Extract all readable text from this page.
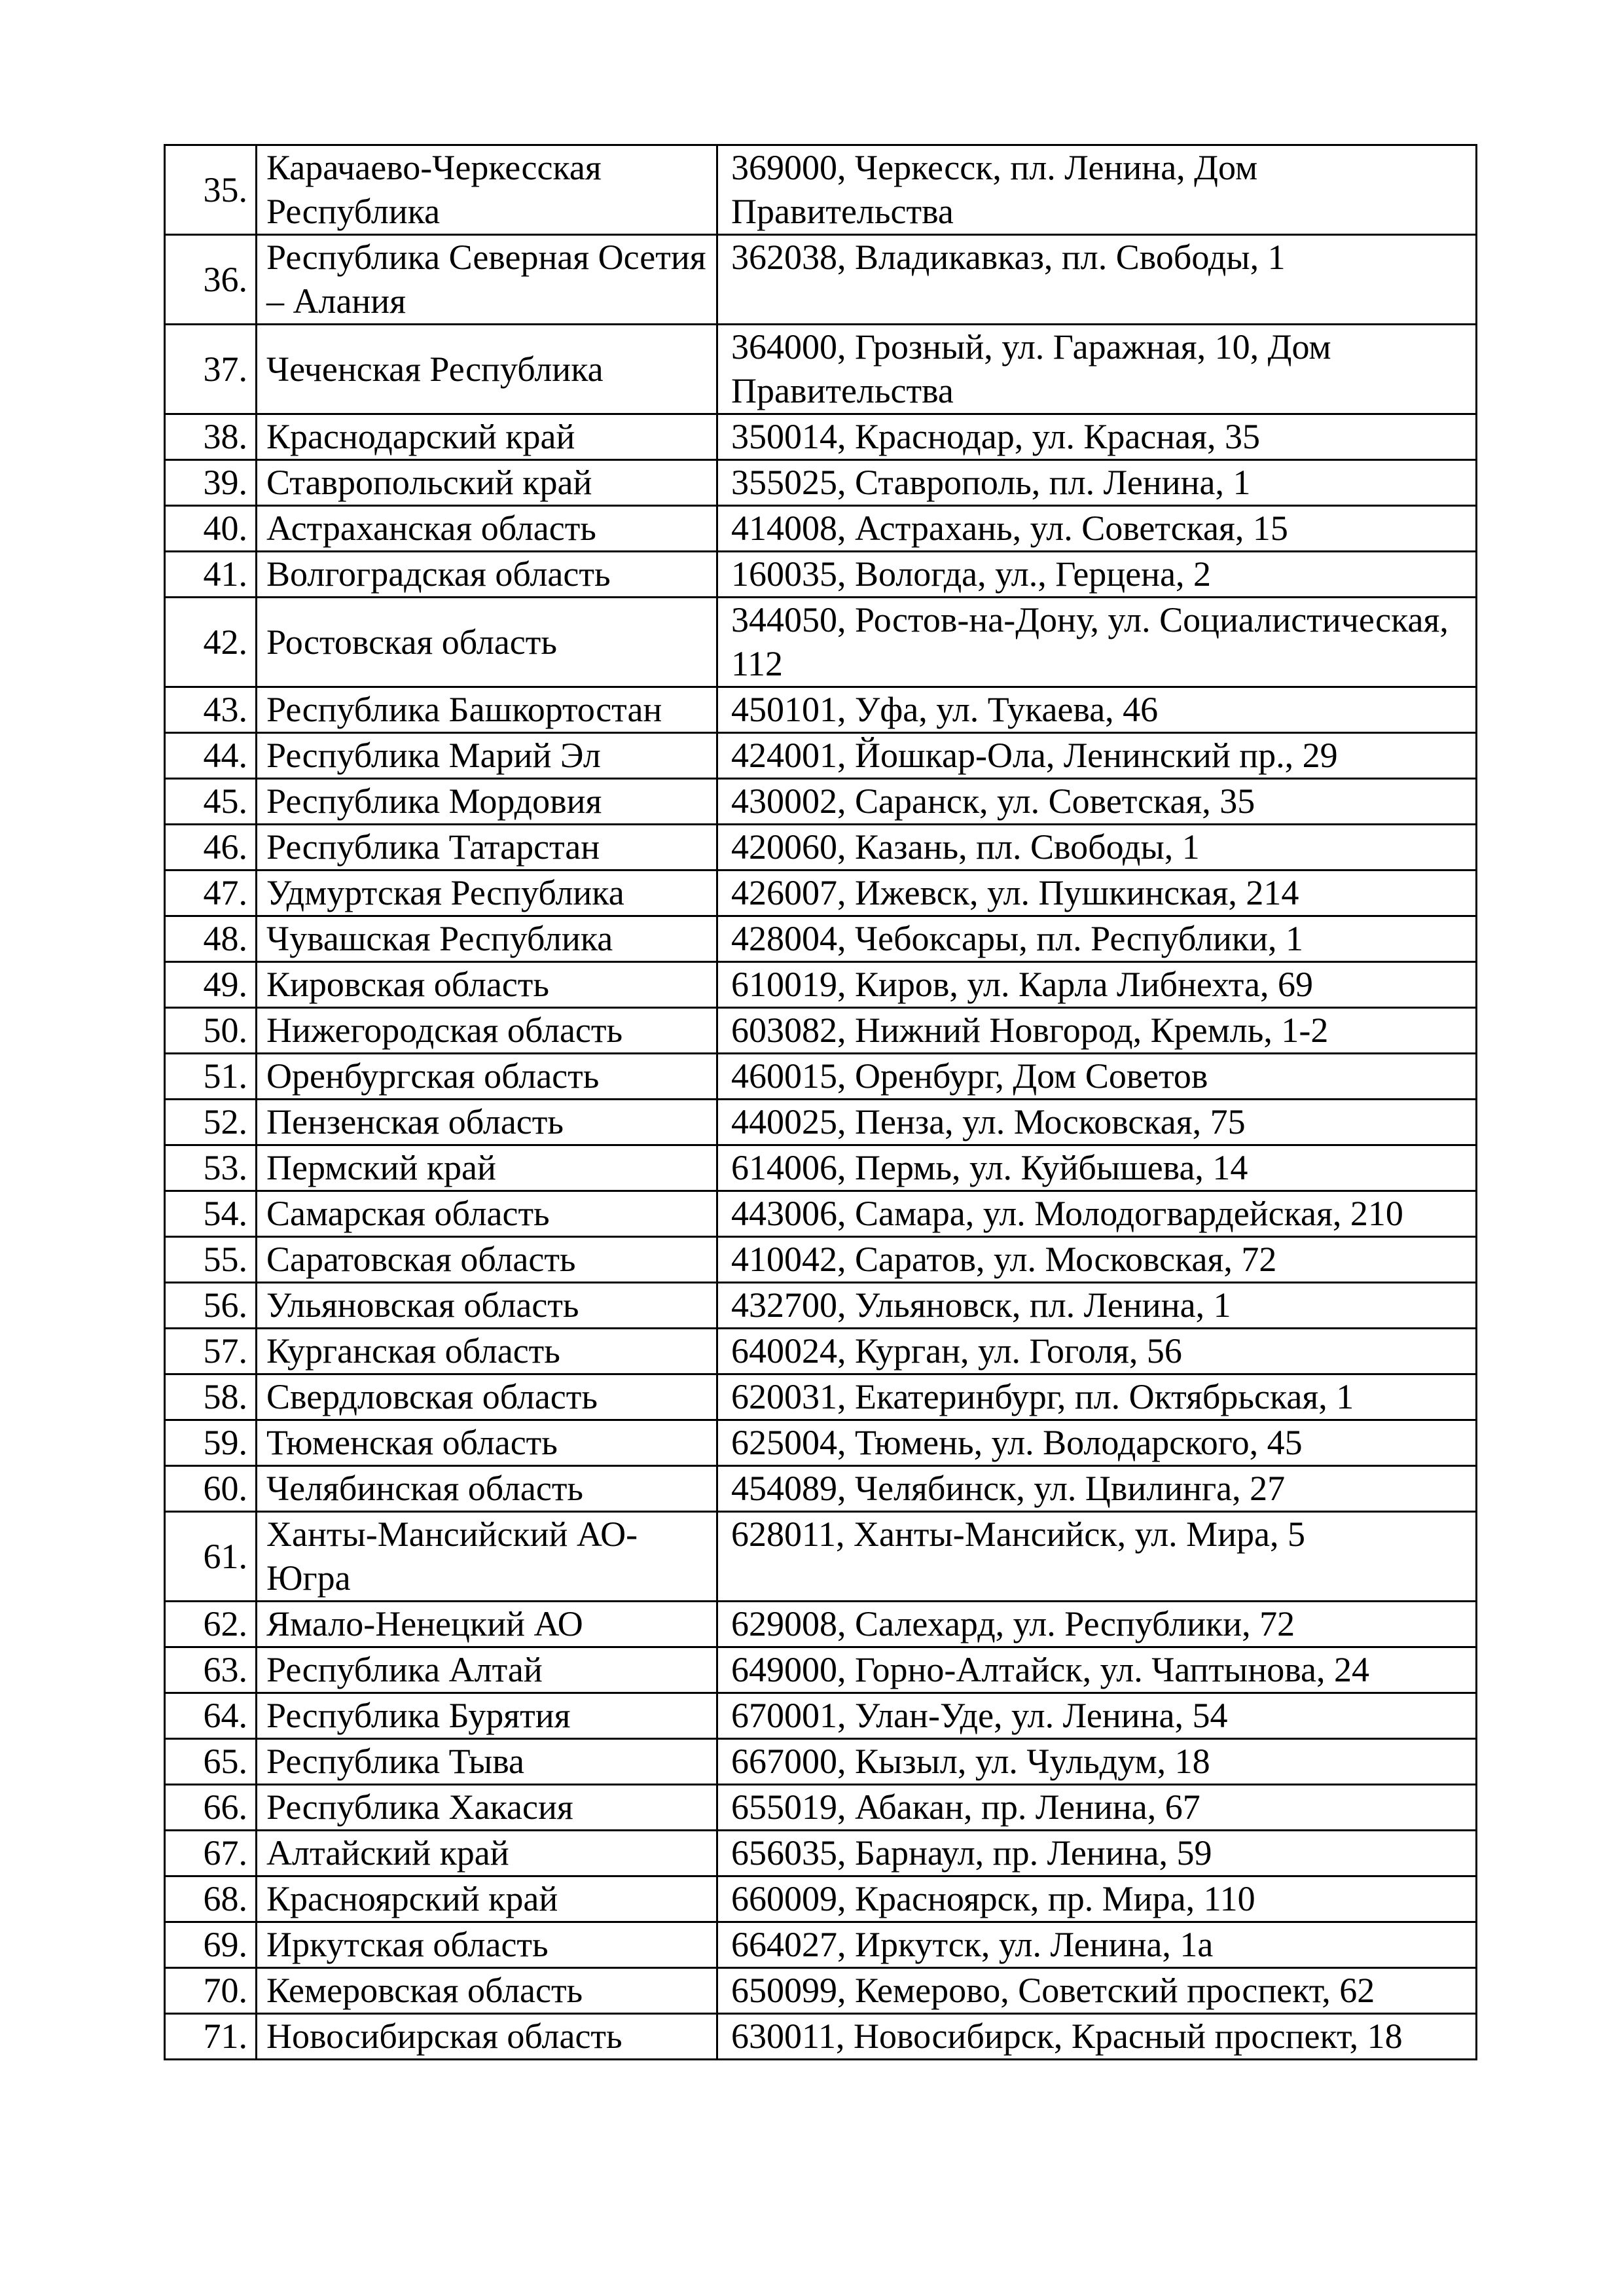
35.	Карачаево-Черкесская Республика	369000, Черкесск, пл. Ленина, Дом Правительства
36.	Республика Северная Осетия – Алания	362038, Владикавказ, пл. Свободы, 1
37.	Чеченская Республика	364000, Грозный, ул. Гаражная, 10, Дом Правительства
38.	Краснодарский край	350014, Краснодар, ул. Красная, 35
39.	Ставропольский край	355025, Ставрополь, пл. Ленина, 1
40.	Астраханская область	414008, Астрахань, ул. Советская, 15
41.	Волгоградская область	160035, Вологда, ул., Герцена, 2
42.	Ростовская область	344050, Ростов-на-Дону, ул. Социалистическая, 112
43.	Республика Башкортостан	450101, Уфа, ул. Тукаева, 46
44.	Республика Марий Эл	424001, Йошкар-Ола, Ленинский пр., 29
45.	Республика Мордовия	430002, Саранск, ул. Советская, 35
46.	Республика Татарстан	420060, Казань, пл. Свободы, 1
47.	Удмуртская Республика	426007, Ижевск, ул. Пушкинская, 214
48.	Чувашская Республика	428004, Чебоксары, пл. Республики, 1
49.	Кировская область	610019, Киров, ул. Карла Либнехта, 69
50.	Нижегородская область	603082, Нижний Новгород, Кремль, 1-2
51.	Оренбургская область	460015, Оренбург, Дом Советов
52.	Пензенская область	440025, Пенза, ул. Московская, 75
53.	Пермский край	614006, Пермь, ул. Куйбышева, 14
54.	Самарская область	443006, Самара, ул. Молодогвардейская, 210
55.	Саратовская область	410042, Саратов, ул. Московская, 72
56.	Ульяновская область	432700, Ульяновск, пл. Ленина, 1
57.	Курганская область	640024, Курган, ул. Гоголя, 56
58.	Свердловская область	620031, Екатеринбург, пл. Октябрьская, 1
59.	Тюменская область	625004, Тюмень, ул. Володарского, 45
60.	Челябинская область	454089, Челябинск, ул. Цвилинга, 27
61.	Ханты-Мансийский АО-Югра	628011, Ханты-Мансийск, ул. Мира, 5
62.	Ямало-Ненецкий АО	629008, Салехард, ул. Республики, 72
63.	Республика Алтай	649000, Горно-Алтайск, ул. Чаптынова, 24
64.	Республика Бурятия	670001, Улан-Уде, ул. Ленина, 54
65.	Республика Тыва	667000, Кызыл, ул. Чульдум, 18
66.	Республика Хакасия	655019, Абакан, пр. Ленина, 67
67.	Алтайский край	656035, Барнаул, пр. Ленина, 59
68.	Красноярский край	660009, Красноярск, пр. Мира, 110
69.	Иркутская область	664027, Иркутск, ул. Ленина, 1а
70.	Кемеровская область	650099, Кемерово, Советский проспект, 62
71.	Новосибирская область	630011, Новосибирск, Красный проспект, 18
